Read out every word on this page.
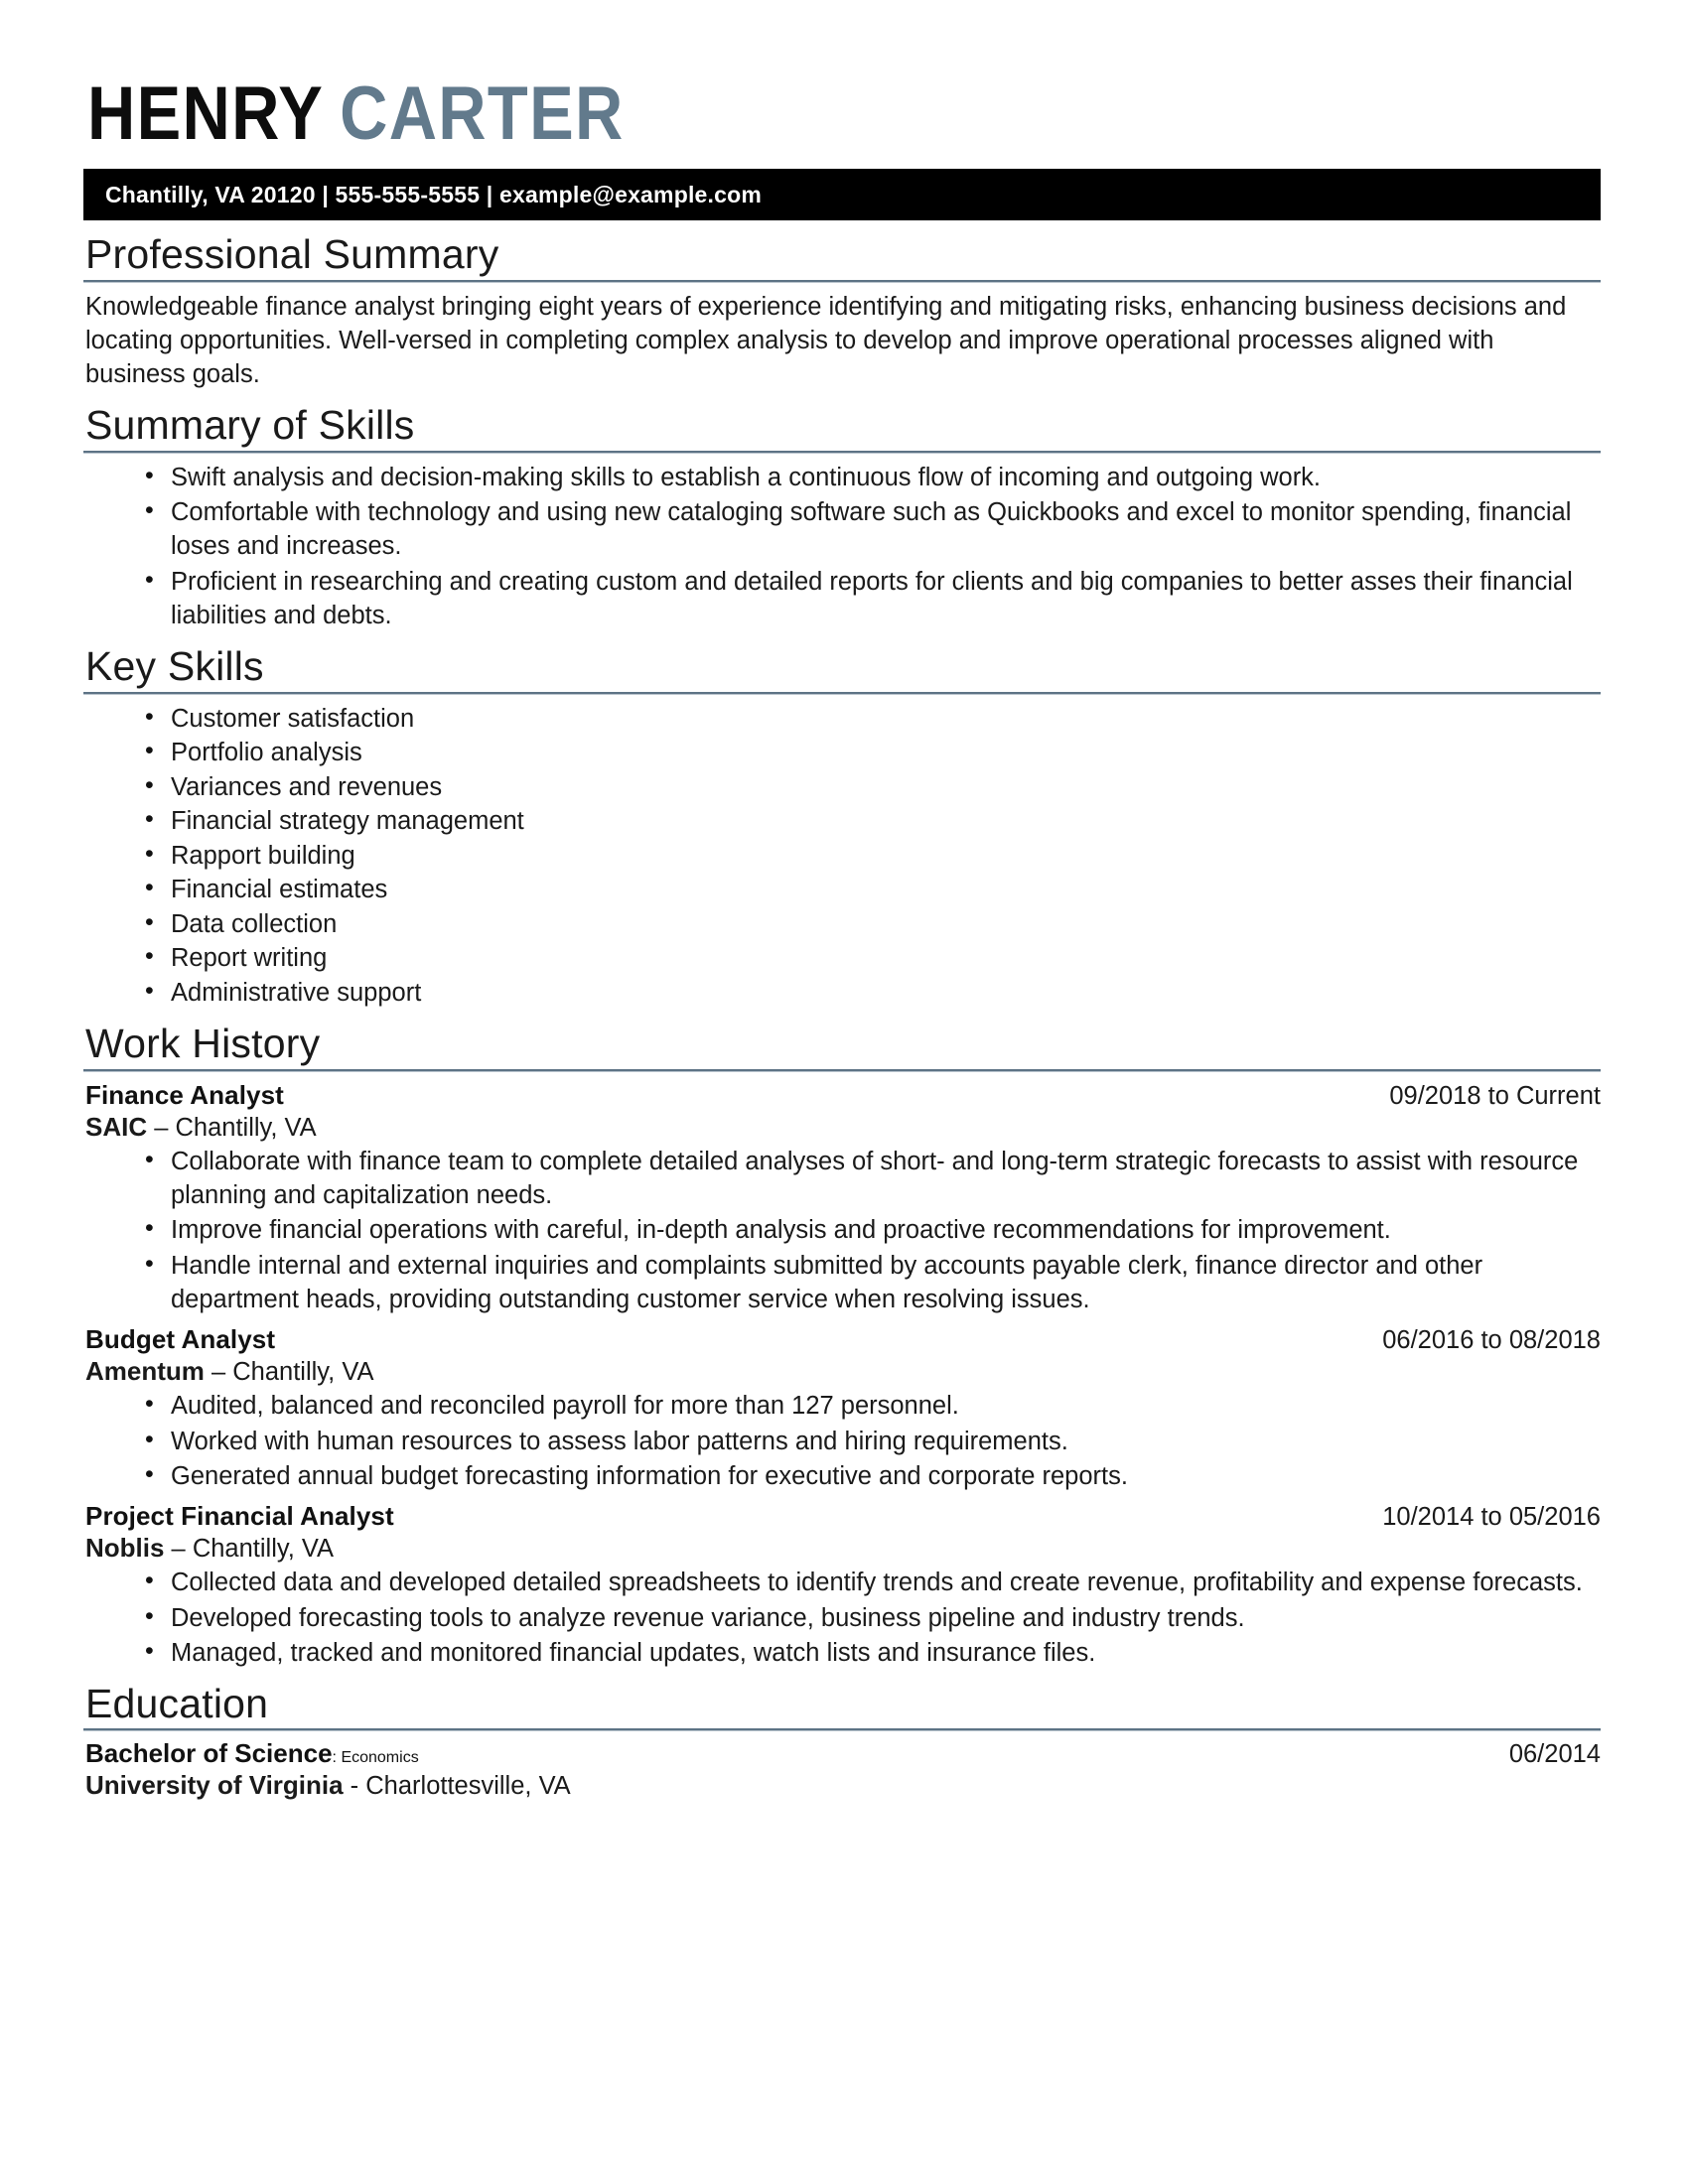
HENRY CARTER
Chantilly, VA 20120 | 555-555-5555 | example@example.com
Professional Summary
Knowledgeable finance analyst bringing eight years of experience identifying and mitigating risks, enhancing business decisions and locating opportunities. Well-versed in completing complex analysis to develop and improve operational processes aligned with business goals.
Summary of Skills
• Swift analysis and decision-making skills to establish a continuous flow of incoming and outgoing work.
• Comfortable with technology and using new cataloging software such as Quickbooks and excel to monitor spending, financial loses and increases.
• Proficient in researching and creating custom and detailed reports for clients and big companies to better asses their financial liabilities and debts.
Key Skills
• Customer satisfaction
• Portfolio analysis
• Variances and revenues
• Financial strategy management
• Rapport building
• Financial estimates
• Data collection
• Report writing
• Administrative support
Work History
Finance Analyst	09/2018 to Current
SAIC – Chantilly, VA
• Collaborate with finance team to complete detailed analyses of short- and long-term strategic forecasts to assist with resource planning and capitalization needs.
• Improve financial operations with careful, in-depth analysis and proactive recommendations for improvement.
• Handle internal and external inquiries and complaints submitted by accounts payable clerk, finance director and other department heads, providing outstanding customer service when resolving issues.
Budget Analyst	06/2016 to 08/2018
Amentum – Chantilly, VA
• Audited, balanced and reconciled payroll for more than 127 personnel.
• Worked with human resources to assess labor patterns and hiring requirements.
• Generated annual budget forecasting information for executive and corporate reports.
Project Financial Analyst	10/2014 to 05/2016
Noblis – Chantilly, VA
• Collected data and developed detailed spreadsheets to identify trends and create revenue, profitability and expense forecasts.
• Developed forecasting tools to analyze revenue variance, business pipeline and industry trends.
• Managed, tracked and monitored financial updates, watch lists and insurance files.
Education
Bachelor of Science: Economics	06/2014
University of Virginia - Charlottesville, VA
